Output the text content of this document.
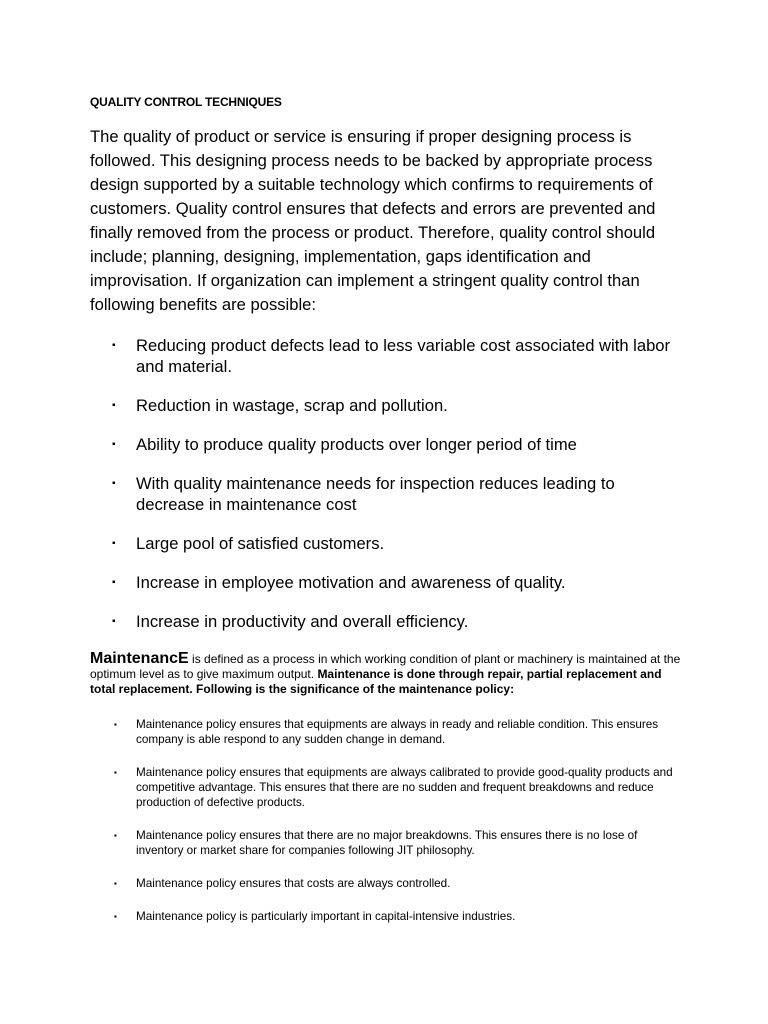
QUALITY CONTROL TECHNIQUES

The quality of product or service is ensuring if proper designing process is followed. This designing process needs to be backed by appropriate process design supported by a suitable technology which confirms to requirements of customers. Quality control ensures that defects and errors are prevented and finally removed from the process or product. Therefore, quality control should include; planning, designing, implementation, gaps identification and improvisation. If organization can implement a stringent quality control than following benefits are possible:

▪ Reducing product defects lead to less variable cost associated with labor and material.
▪ Reduction in wastage, scrap and pollution.
▪ Ability to produce quality products over longer period of time
▪ With quality maintenance needs for inspection reduces leading to decrease in maintenance cost
▪ Large pool of satisfied customers.
▪ Increase in employee motivation and awareness of quality.
▪ Increase in productivity and overall efficiency.

MaintenancE is defined as a process in which working condition of plant or machinery is maintained at the optimum level as to give maximum output. Maintenance is done through repair, partial replacement and total replacement. Following is the significance of the maintenance policy:

▪ Maintenance policy ensures that equipments are always in ready and reliable condition. This ensures company is able respond to any sudden change in demand.
▪ Maintenance policy ensures that equipments are always calibrated to provide good-quality products and competitive advantage. This ensures that there are no sudden and frequent breakdowns and reduce production of defective products.
▪ Maintenance policy ensures that there are no major breakdowns. This ensures there is no lose of inventory or market share for companies following JIT philosophy.
▪ Maintenance policy ensures that costs are always controlled.
▪ Maintenance policy is particularly important in capital-intensive industries.
